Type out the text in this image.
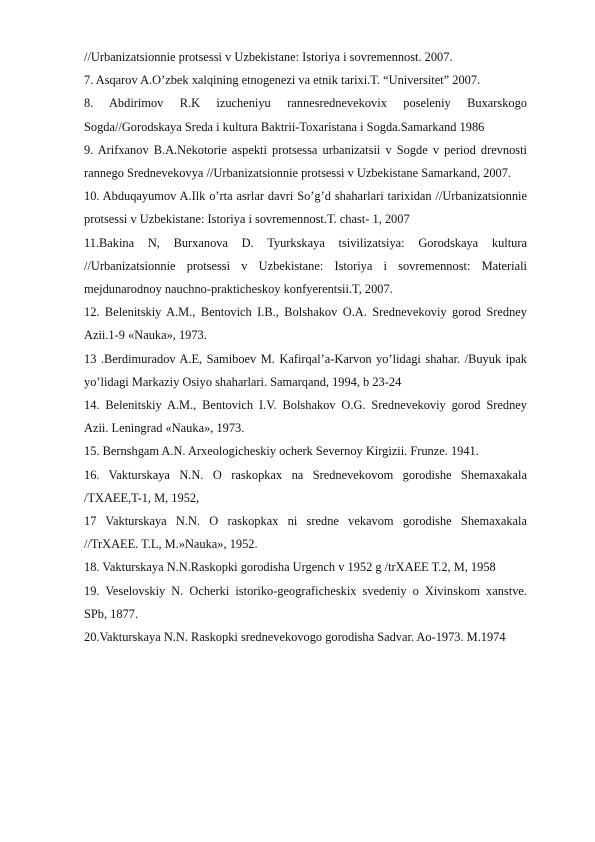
//Urbanizatsionnie protsessi v Uzbekistane: Istoriya i sovremennost. 2007.

7. Asqarov A.O’zbek xalqining etnogenezi va etnik tarixi.T. “Universitet” 2007.

8. Abdirimov R.K izucheniyu rannesrednevekovix poseleniy Buxarskogo Sogda//Gorodskaya Sreda i kultura Baktrii-Toxaristana i Sogda.Samarkand 1986

9. Arifxanov B.A.Nekotorie aspekti protsessa urbanizatsii v Sogde v period drevnosti rannego Srednevekovya //Urbanizatsionnie protsessi v Uzbekistane Samarkand, 2007.

10. Abduqayumov A.Ilk o’rta asrlar davri So’g’d shaharlari tarixidan //Urbanizatsionnie protsessi v Uzbekistane: Istoriya i sovremennost.T. chast- 1, 2007

11.Bakina N, Burxanova D. Tyurkskaya tsivilizatsiya: Gorodskaya kultura //Urbanizatsionnie protsessi v Uzbekistane: Istoriya i sovremennost: Materiali mejdunarodnoy nauchno-prakticheskoy konfyerentsii.T, 2007.

12. Belenitskiy A.M., Bentovich I.B., Bolshakov O.A. Srednevekoviy gorod Sredney Azii.1-9 «Nauka», 1973.

13 .Berdimuradov A.E, Samiboev M. Kafirqal’a-Karvon yo’lidagi shahar. /Buyuk ipak yo’lidagi Markaziy Osiyo shaharlari. Samarqand, 1994, b 23-24

14. Belenitskiy A.M., Bentovich I.V. Bolshakov O.G. Srednevekoviy gorod Sredney Azii. Leningrad «Nauka», 1973.

15. Bernshgam A.N. Arxeologicheskiy ocherk Severnoy Kirgizii. Frunze. 1941.

16. Vakturskaya N.N. O raskopkax na Srednevekovom gorodishe Shemaxakala /TXAEE,T-1, M, 1952,

17 Vakturskaya N.N. O raskopkax ni sredne vekavom gorodishe Shemaxakala //TrXAEE. T.L, M.»Nauka», 1952.

18. Vakturskaya N.N.Raskopki gorodisha Urgench v 1952 g /trXAEE T.2, M, 1958

19. Veselovskiy N. Ocherki istoriko-geograficheskix svedeniy o Xivinskom xanstve. SPb, 1877.

20.Vakturskaya N.N. Raskopki srednevekovogo gorodisha Sadvar. Ao-1973. M.1974
